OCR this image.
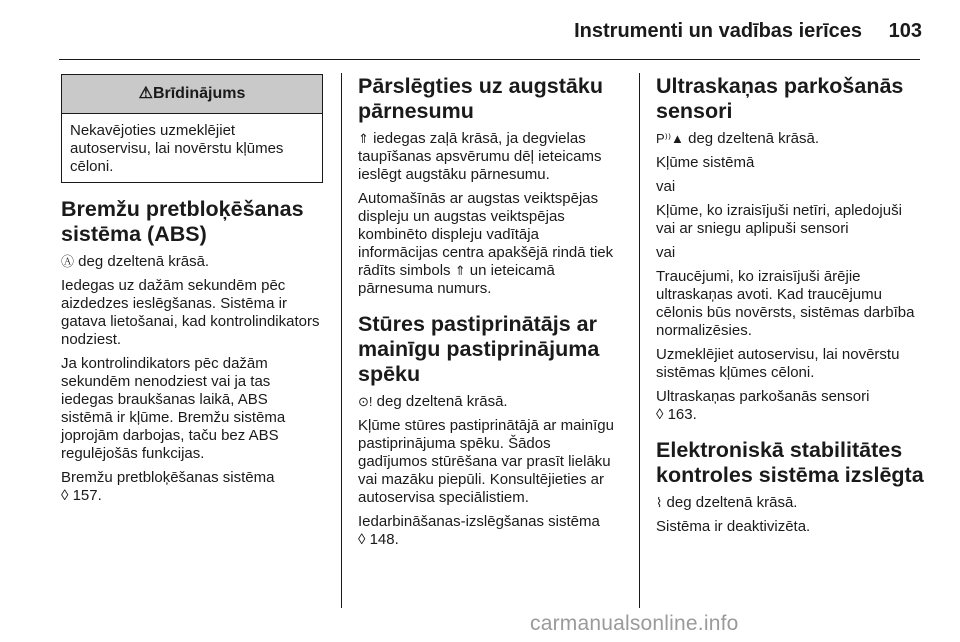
Instrumenti un vadības ierīces	103
⚠Brīdinājums
Nekavējoties uzmeklējiet autoservisu, lai novērstu kļūmes cēloni.
Bremžu pretbloķēšanas sistēma (ABS)

Ⓐ deg dzeltenā krāsā.

Iedegas uz dažām sekundēm pēc aizdedzes ieslēgšanas. Sistēma ir gatava lietošanai, kad kontrolindikators nodziest.

Ja kontrolindikators pēc dažām sekundēm nenodziest vai ja tas iedegas braukšanas laikā, ABS sistēmā ir kļūme. Bremžu sistēma joprojām darbojas, taču bez ABS regulējošās funkcijas.

Bremžu pretbloķēšanas sistēma
◊ 157.

Pārslēgties uz augstāku pārnesumu

⇑ iedegas zaļā krāsā, ja degvielas taupīšanas apsvērumu dēļ ieteicams ieslēgt augstāku pārnesumu.

Automašīnās ar augstas veiktspējas displeju un augstas veiktspējas kombinēto displeju vadītāja informācijas centra apakšējā rindā tiek rādīts simbols ⇑ un ieteicamā pārnesuma numurs.

Stūres pastiprinātājs ar mainīgu pastiprinājuma spēku

⊙! deg dzeltenā krāsā.

Kļūme stūres pastiprinātājā ar mainīgu pastiprinājuma spēku. Šādos gadījumos stūrēšana var prasīt lielāku vai mazāku piepūli. Konsultējieties ar autoservisa speciālistiem.

Iedarbināšanas-izslēgšanas sistēma
◊ 148.

Ultraskaņas parkošanās sensori

P⁾⁾▲ deg dzeltenā krāsā.

Kļūme sistēmā

vai

Kļūme, ko izraisījuši netīri, apledojuši vai ar sniegu aplipuši sensori

vai

Traucējumi, ko izraisījuši ārējie ultraskaņas avoti. Kad traucējumu cēlonis būs novērsts, sistēmas darbība normalizēsies.

Uzmeklējiet autoservisu, lai novērstu sistēmas kļūmes cēloni.

Ultraskaņas parkošanās sensori
◊ 163.

Elektroniskā stabilitātes kontroles sistēma izslēgta

⌇ deg dzeltenā krāsā.

Sistēma ir deaktivizēta.

carmanualsonline.info
